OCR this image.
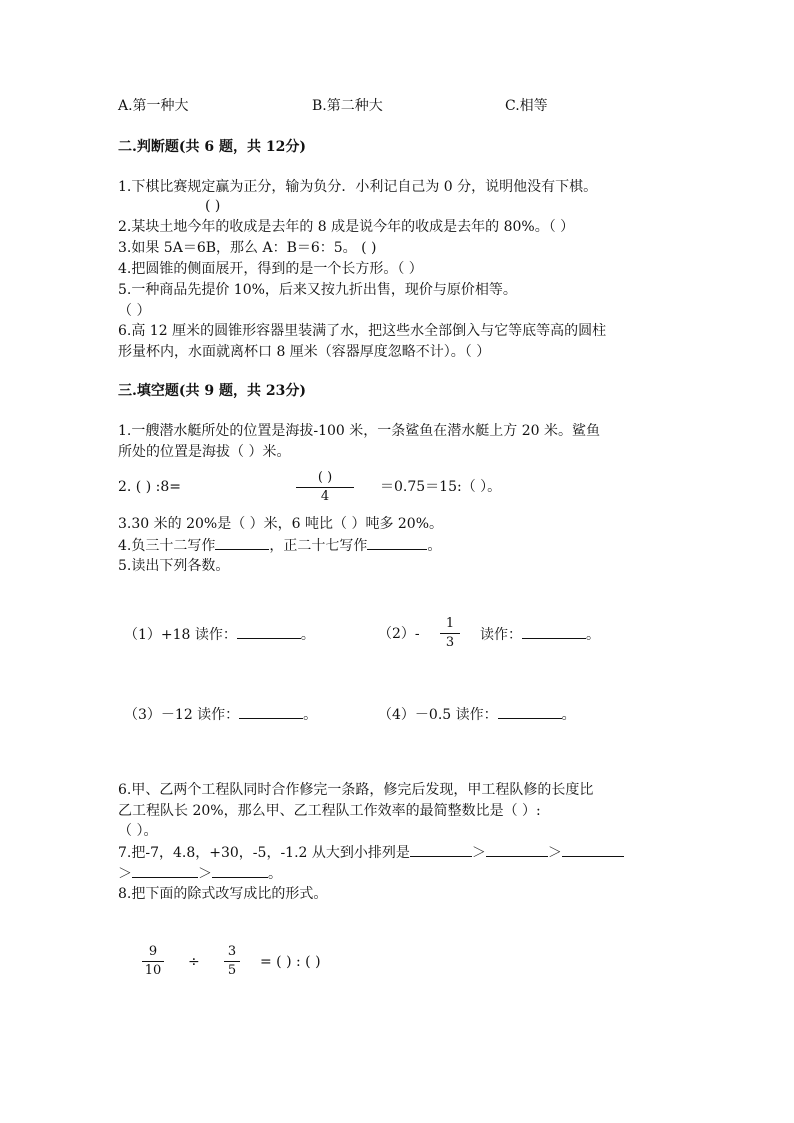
A.第一种大	B.第二种大	C.相等
二.判断题(共 6 题，共 12分)
1.下棋比赛规定赢为正分，输为负分．小利记自己为 0 分，说明他没有下棋。
( )
2.某块土地今年的收成是去年的 8 成是说今年的收成是去年的 80%。（ ）
3.如果 5A＝6B，那么 A：B＝6：5。 ( )
4.把圆锥的侧面展开，得到的是一个长方形。（ ）
5.一种商品先提价 10%，后来又按九折出售，现价与原价相等。
（ ）
6.高 12 厘米的圆锥形容器里装满了水，把这些水全部倒入与它等底等高的圆柱
形量杯内，水面就离杯口 8 厘米（容器厚度忽略不计）。（ ）
三.填空题(共 9 题，共 23分)
1.一艘潜水艇所处的位置是海拔-100 米，一条鲨鱼在潜水艇上方 20 米。鲨鱼
所处的位置是海拔（ ）米。
2. ( ) :8=
( )
4
＝0.75＝15:（ ）。
3.30 米的 20%是（ ）米，6 吨比（ ）吨多 20%。
4.负三十二写作	，正二十七写作	。
5.读出下列各数。
（1）+18 读作：	。	（2）-
1
3	读作：	。
（3）－12 读作：	。	（4）－0.5 读作：	。
6.甲、乙两个工程队同时合作修完一条路，修完后发现，甲工程队修的长度比
乙工程队长 20%，那么甲、乙工程队工作效率的最简整数比是（ ）:
（ ）。
7.把-7，4.8，+30，-5，-1.2 从大到小排列是	＞	＞
＞	＞	。
8.把下面的除式改写成比的形式。
9
10
÷
3
5
= ( ) : ( )
